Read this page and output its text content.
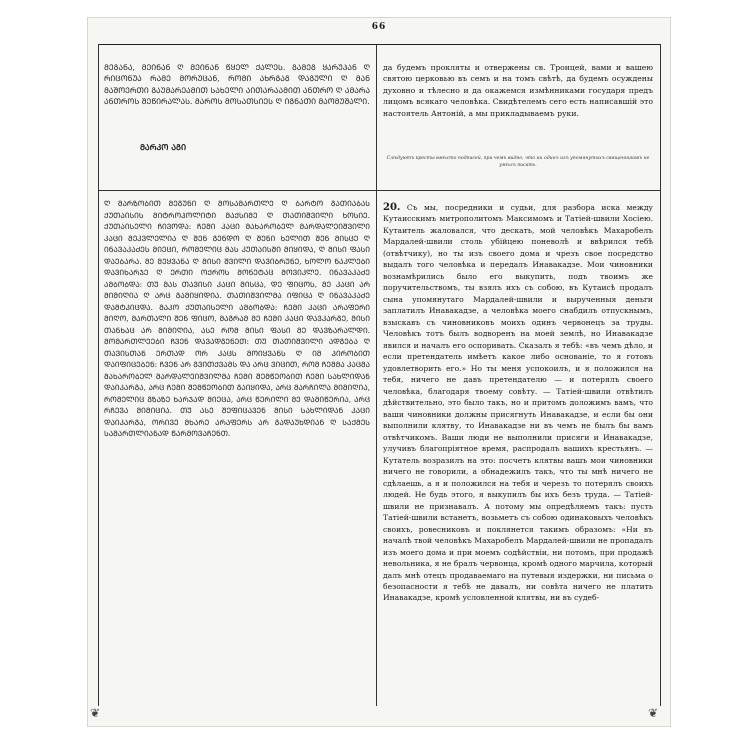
66

ᲛᲔᲒᲐᲜᲐ, ᲛᲔᲘᲜᲐᲜ Ღ ᲛᲔᲘᲜᲐᲜ ᲬᲧᲔᲚ ᲥᲐᲚᲔᲡ. ᲒᲐᲛᲔᲒ ᲧᲐᲠᲣᲞᲐᲜ Ღ ᲠᲘᲪᲝᲜᲣᲐ ᲠᲐᲛᲔ ᲛᲝᲠᲣᲪᲐᲜ, ᲠᲝᲛᲘ ᲐᲮᲠᲒᲐᲒ ᲓᲐᲒᲣᲚᲘ Ღ ᲛᲐᲜ ᲛᲐᲨᲝᲔᲠᲗᲘ ᲒᲐᲣᲛᲐᲠᲔᲐᲛᲘᲗ ᲡᲐᲮᲔᲚᲘ ᲐᲘᲗᲐᲠᲐᲐᲛᲘᲗ ᲐᲜᲗᲠᲝ Ღ ᲐᲛᲐᲠᲐ ᲐᲜᲗᲠᲝᲡ ᲨᲔᲬᲘᲠᲐᲚᲐᲡ. ᲛᲐᲠᲝᲡ ᲛᲝᲡᲐᲗᲡᲘᲔᲡ Ღ ᲘᲒᲜᲐᲗᲘ ᲛᲐᲝᲛᲣᲨᲐᲚᲘ.

ᲛᲐᲠᲙᲝ ᲐᲒᲘ

Ღ ᲛᲐᲠᲖᲝᲑᲘᲗ ᲛᲔᲒᲣᲜᲘ Ღ ᲛᲝᲡᲐᲛᲐᲠᲗᲚᲔ Ღ ᲑᲐᲠᲢᲝ ᲒᲐᲗᲘᲐᲑᲐᲡ ᲥᲣᲗᲐᲘᲡᲘᲡ ᲛᲘᲢᲠᲝᲞᲝᲚᲘᲢᲘ ᲛᲐᲥᲡᲘᲛᲔ Ღ ᲗᲐᲗᲘᲨᲕᲘᲚᲘ ᲮᲝᲡᲘᲔ. ᲥᲣᲗᲐᲘᲡᲔᲚᲘ ᲩᲘᲕᲝᲓᲐ: ᲩᲔᲛᲘ ᲙᲐᲪᲘ ᲛᲐᲮᲐᲠᲝᲑᲔᲚ ᲛᲐᲠᲓᲐᲚᲔᲘᲨᲕᲘᲚᲘ ᲙᲐᲪᲘ ᲛᲔᲙᲕᲚᲔᲚᲘᲐ Ღ ᲨᲔᲜ ᲒᲔᲜᲓᲝ Ღ ᲨᲔᲜᲘ ᲮᲔᲚᲘᲗ ᲨᲔᲜ ᲛᲘᲡᲪᲔ Ღ ᲘᲜᲐᲕᲐᲙᲐᲫᲔᲡ ᲛᲘᲔᲪᲘ, ᲠᲝᲛᲔᲚᲘᲪ ᲛᲐᲡ ᲙᲣᲗᲐᲘᲡᲨᲘ ᲛᲘᲧᲘᲓᲐ, Ღ ᲛᲘᲡᲘ ᲤᲐᲡᲘ ᲓᲐᲔᲑᲐᲠᲐ. ᲛᲔ ᲛᲔᲧᲕᲐᲜᲐ Ღ ᲛᲘᲡᲘ ᲨᲕᲘᲚᲘ ᲓᲐᲕᲘᲑᲠᲣᲜᲔ, ᲮᲝᲚᲝ ᲜᲐᲙᲚᲔᲑᲘ ᲓᲐᲕᲘᲮᲐᲠᲯᲔ Ღ ᲔᲠᲗᲘ ᲝᲥᲠᲝᲡ ᲛᲝᲜᲔᲢᲐᲪ ᲛᲝᲕᲘᲙᲚᲔ. ᲘᲜᲐᲕᲐᲙᲐᲫᲔ ᲐᲛᲑᲝᲑᲓᲐ: ᲗᲣ ᲛᲐᲡ ᲗᲐᲕᲘᲡᲘ ᲙᲐᲪᲘ ᲛᲘᲡᲪᲐ, ᲓᲔ ᲤᲘᲪᲝᲡ, ᲛᲔ ᲙᲐᲪᲘ ᲐᲠ ᲛᲘᲛᲘᲦᲘᲐ Ღ ᲐᲠᲪ ᲒᲐᲛᲘᲧᲘᲓᲘᲐ. ᲗᲐᲗᲘᲨᲕᲘᲚᲛᲐ ᲘᲤᲘᲪᲐ Ღ ᲘᲜᲐᲕᲐᲙᲐᲫᲔ ᲓᲐᲛᲢᲙᲘᲪᲓᲐ. ᲛᲐᲙᲝ ᲥᲣᲗᲐᲘᲡᲔᲚᲘ ᲐᲛᲑᲝᲑᲓᲐ: ᲩᲔᲛᲘ ᲙᲐᲪᲘ ᲐᲠᲐᲤᲔᲠᲘ ᲛᲘᲦᲝ, ᲛᲐᲠᲗᲐᲚᲘ ᲨᲔᲜ ᲤᲘᲪᲝ, ᲛᲐᲒᲠᲐᲛ ᲛᲔ ᲩᲔᲛᲘ ᲙᲐᲪᲘ ᲓᲐᲕᲙᲐᲠᲒᲔ, ᲛᲘᲡᲘ ᲗᲐᲜᲮᲐᲪ ᲐᲠ ᲛᲘᲛᲘᲦᲘᲐ, ᲐᲡᲔ ᲠᲝᲛ ᲛᲘᲡᲘ ᲤᲐᲡᲘ ᲛᲔ ᲓᲐᲕᲖᲐᲠᲐᲚᲓᲘ. ᲛᲝᲛᲐᲠᲗᲚᲔᲔᲑᲘ ᲩᲕᲔᲜ ᲓᲐᲕᲐᲓᲒᲔᲜᲔᲗ: ᲗᲣ ᲗᲐᲗᲘᲨᲕᲘᲚᲘ ᲐᲓᲒᲔᲑᲐ Ღ ᲗᲐᲕᲘᲡᲗᲐᲜ ᲔᲠᲗᲐᲓ ᲝᲠ ᲙᲐᲪᲡ ᲛᲝᲘᲧᲕᲐᲜᲡ Ღ ᲘᲛ ᲞᲘᲠᲝᲑᲘᲗ ᲓᲐᲘᲤᲘᲪᲔᲑᲔᲜ: ᲩᲕᲔᲜ ᲐᲠ ᲒᲕᲘᲗᲥᲕᲐᲛᲡ ᲓᲐ ᲐᲠᲪ ᲕᲘᲪᲘᲗ, ᲠᲝᲛ ᲩᲔᲛᲛᲐ ᲙᲐᲪᲛᲐ ᲛᲐᲮᲐᲠᲝᲑᲔᲚ ᲛᲐᲠᲓᲐᲚᲔᲘᲨᲕᲘᲚᲛᲐ ᲩᲔᲛᲘ ᲨᲔᲛᲬᲔᲝᲑᲘᲗ ᲩᲔᲛᲘ ᲡᲐᲮᲚᲘᲓᲐᲜ ᲓᲐᲘᲙᲐᲠᲒᲐ, ᲐᲠᲪ ᲩᲔᲛᲘ ᲨᲔᲛᲬᲔᲝᲑᲘᲗ ᲒᲐᲘᲧᲘᲓᲐ, ᲐᲠᲪ ᲛᲐᲠᲩᲘᲚᲐ ᲛᲘᲛᲘᲦᲘᲐ, ᲠᲝᲛᲔᲚᲘᲪ ᲒᲖᲐᲖᲔ ᲮᲐᲠᲯᲐᲓ ᲛᲘᲔᲪᲐ, ᲐᲠᲪ ᲬᲔᲠᲘᲚᲘ ᲛᲔ ᲓᲐᲛᲘᲬᲔᲠᲘᲐ, ᲐᲠᲪ ᲠᲩᲔᲕᲐ ᲛᲘᲛᲘᲪᲘᲐ. ᲗᲣ ᲐᲡᲔ ᲨᲔᲤᲘᲪᲐᲕᲔᲜ ᲛᲘᲡᲘ ᲡᲐᲮᲚᲘᲓᲐᲜ ᲙᲐᲪᲘ ᲓᲐᲘᲙᲐᲠᲒᲐ, ᲝᲠᲘᲕᲔ ᲛᲮᲐᲠᲔ ᲐᲠᲐᲤᲔᲠᲡ ᲐᲠ ᲒᲐᲓᲐᲣᲮᲓᲘᲐᲜ Ღ ᲡᲐᲥᲛᲔᲡ ᲡᲐᲛᲐᲠᲗᲚᲘᲐᲜᲐᲓ ᲬᲐᲠᲛᲝᲕᲐᲩᲔᲜᲗ.

да будемъ прокляты и отвержены св. Троицей, вами и вашею святою церковью въ семъ и на томъ свѣтѣ, да будемъ осуждены духовно и тѣлесно и да окажемся измѣнниками государя предъ лицомъ всякаго человѣка. Свидѣтелемъ сего есть написавшій это настоятель Антоній, а мы прикладываемъ руки.

Слѣдуютъ кресты вмѣсто подписей, при чемъ видно, что ни одинъ изъ упомянутыхъ священниковъ не умѣлъ писать.

20. Съ мы, посредники и судьи, для разбора иска между Кутаисскимъ митрополитомъ Максимомъ и Татіей-швили Хосіею. Кутаитель жаловался, что дескать, мой человѣкъ Махаробелъ Мардалей-швили столь убійцею поневолѣ и ввѣрился тебѣ (отвѣтчику), но ты изъ своего дома и чрезъ свое посредство выдалъ того человѣка и передалъ Инавакадзе. Мои чиновники вознамѣрились было его выкупить, подъ твоимъ же поручительствомъ, ты взялъ ихъ съ собою, въ Кутаисѣ продалъ сына упомянутаго Мардалей-швили и вырученныя деньги заплатилъ Инавакадзе, а человѣка моего снабдилъ отпускнымъ, взыскавъ съ чиновниковъ моихъ одинъ червонецъ за труды. Человѣкъ тотъ былъ водворенъ на моей землѣ, но Инавакадзе явился и началъ его оспоривать. Сказалъ я тебѣ: «въ чемъ дѣло, и если претендатель имѣетъ какое либо основаніе, то я готовъ удовлетворить его.» Но ты меня успокоилъ, и я положился на тебя, ничего не давъ претендателю — и потерялъ своего человѣка, благодаря твоему совѣту. — Татіей-швили отвѣтилъ дѣйствительно, это было такъ, но и притомъ доложимъ вамъ, что ваши чиновники должны присягнуть Инавакадзе, и если бы они выполнили клятву, то Инавакадзе ни въ чемъ не былъ бы вамъ отвѣтчикомъ. Ваши люди не выполнили присяги и Инавакадзе, улучивъ благопріятное время, распродалъ вашихъ крестьянъ. — Кутатель возразилъ на это: посчетъ клятвы вашъ мои чиновники ничего не говорили, а обнадежилъ такъ, что ты мнѣ ничего не сдѣлаешь, а я и положился на тебя и черезъ то потерялъ своихъ людей. Не будь этого, я выкупилъ бы ихъ безъ труда. — Татіей-швили не признавалъ. А потому мы опредѣляемъ такъ: пусть Татіей-швили встанетъ, возьметъ съ собою одинаковыхъ человѣкъ своихъ, ровесниковъ и поклянется такимъ образомъ: «Ни въ началѣ твой человѣкъ Махаробелъ Мардалей-швили не пропадалъ изъ моего дома и при моемъ содѣйствіи, ни потомъ, при продажѣ невольника, я не бралъ червонца, кромѣ одного марчила, который далъ мнѣ отецъ продаваемаго на путевыя издержки, ни письма о безопасности я тебѣ не давалъ, ни совѣта ничего не платить Инавакадзе, кромѣ условленной клятвы, ни въ судеб-

❦	❦
